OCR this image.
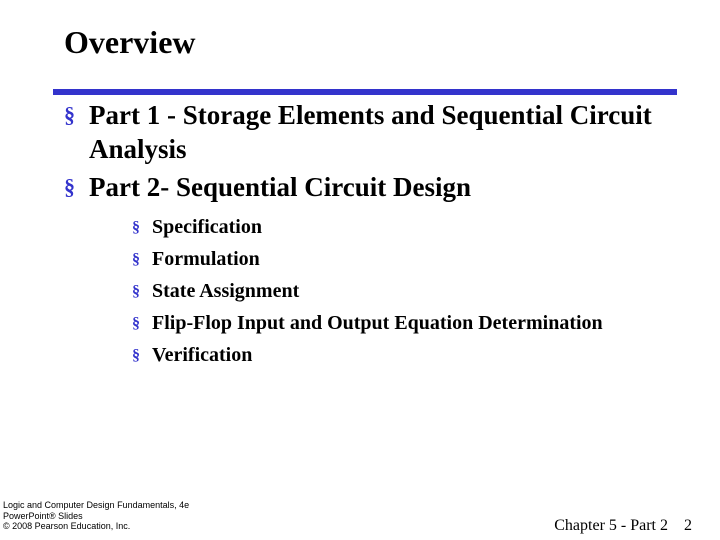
Overview
§ Part 1 - Storage Elements and Sequential Circuit Analysis
§ Part 2- Sequential Circuit Design
§ Specification
§ Formulation
§ State Assignment
§ Flip-Flop Input and Output Equation Determination
§ Verification
Logic and Computer Design Fundamentals, 4e
PowerPoint® Slides
© 2008 Pearson Education, Inc.	Chapter 5 - Part 2 2
